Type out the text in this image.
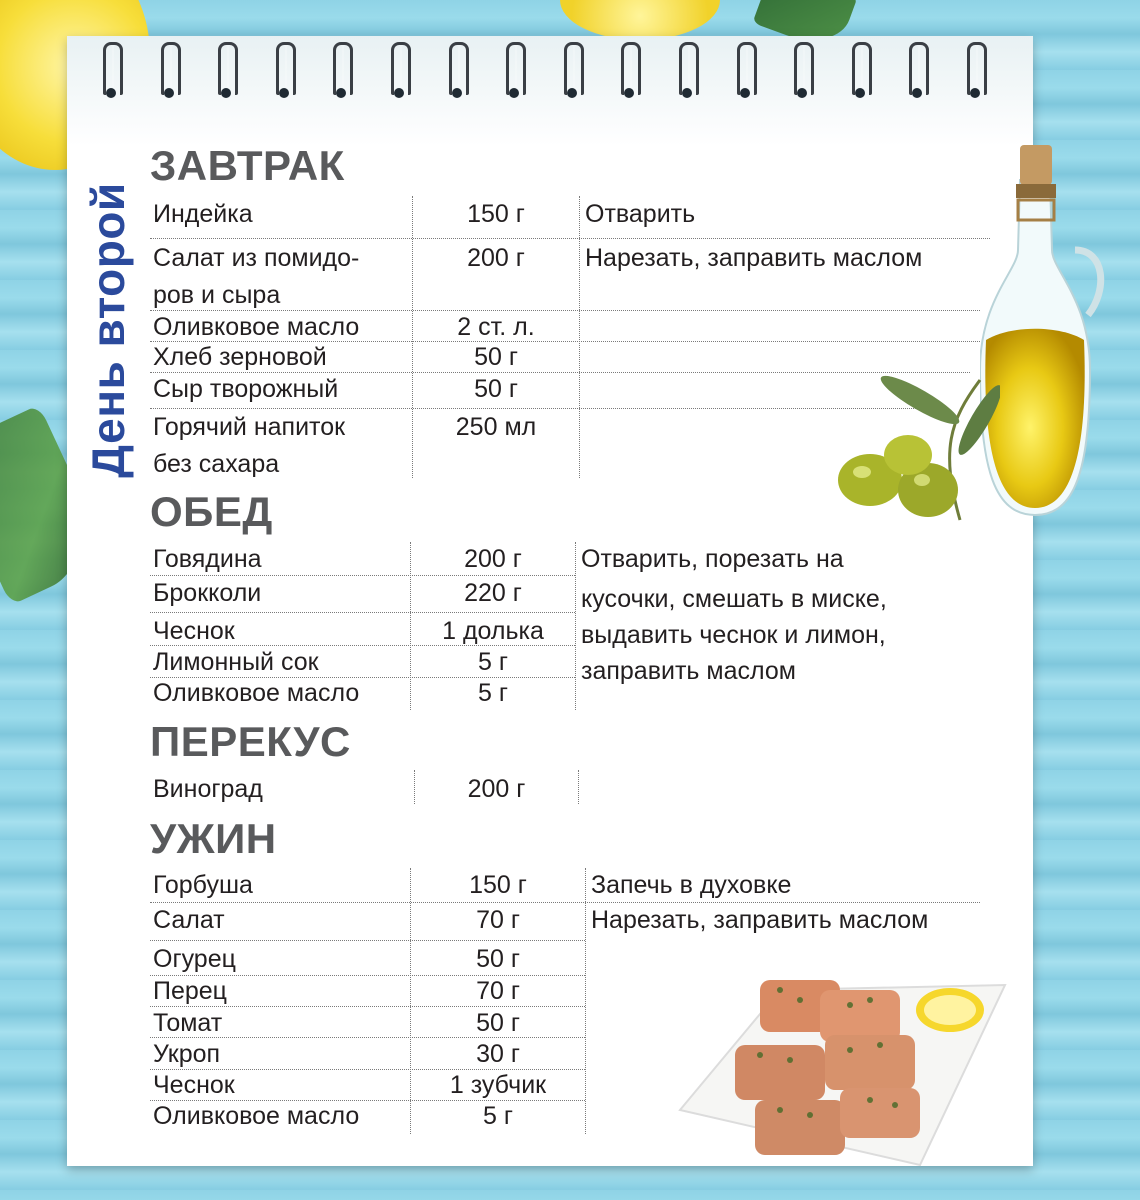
День второй
ЗАВТРАК
Индейка	150 г	Отварить
Салат из помидо-
ров и сыра
200 г	Нарезать, заправить маслом
Оливковое масло	2 ст. л.
Хлеб зерновой	50 г
Сыр творожный	50 г
Горячий напиток
без сахара
250 мл
ОБЕД
Говядина	200 г
Брокколи	220 г
Чеснок	1 долька
Лимонный сок	5 г
Оливковое масло	5 г
Отварить, порезать на
кусочки, смешать в миске,
выдавить чеснок и лимон,
заправить маслом
ПЕРЕКУС
Виноград	200 г
УЖИН
Горбуша	150 г	Запечь в духовке
Салат	70 г	Нарезать, заправить маслом
Огурец	50 г
Перец	70 г
Томат	50 г
Укроп	30 г
Чеснок	1 зубчик
Оливковое масло	5 г
